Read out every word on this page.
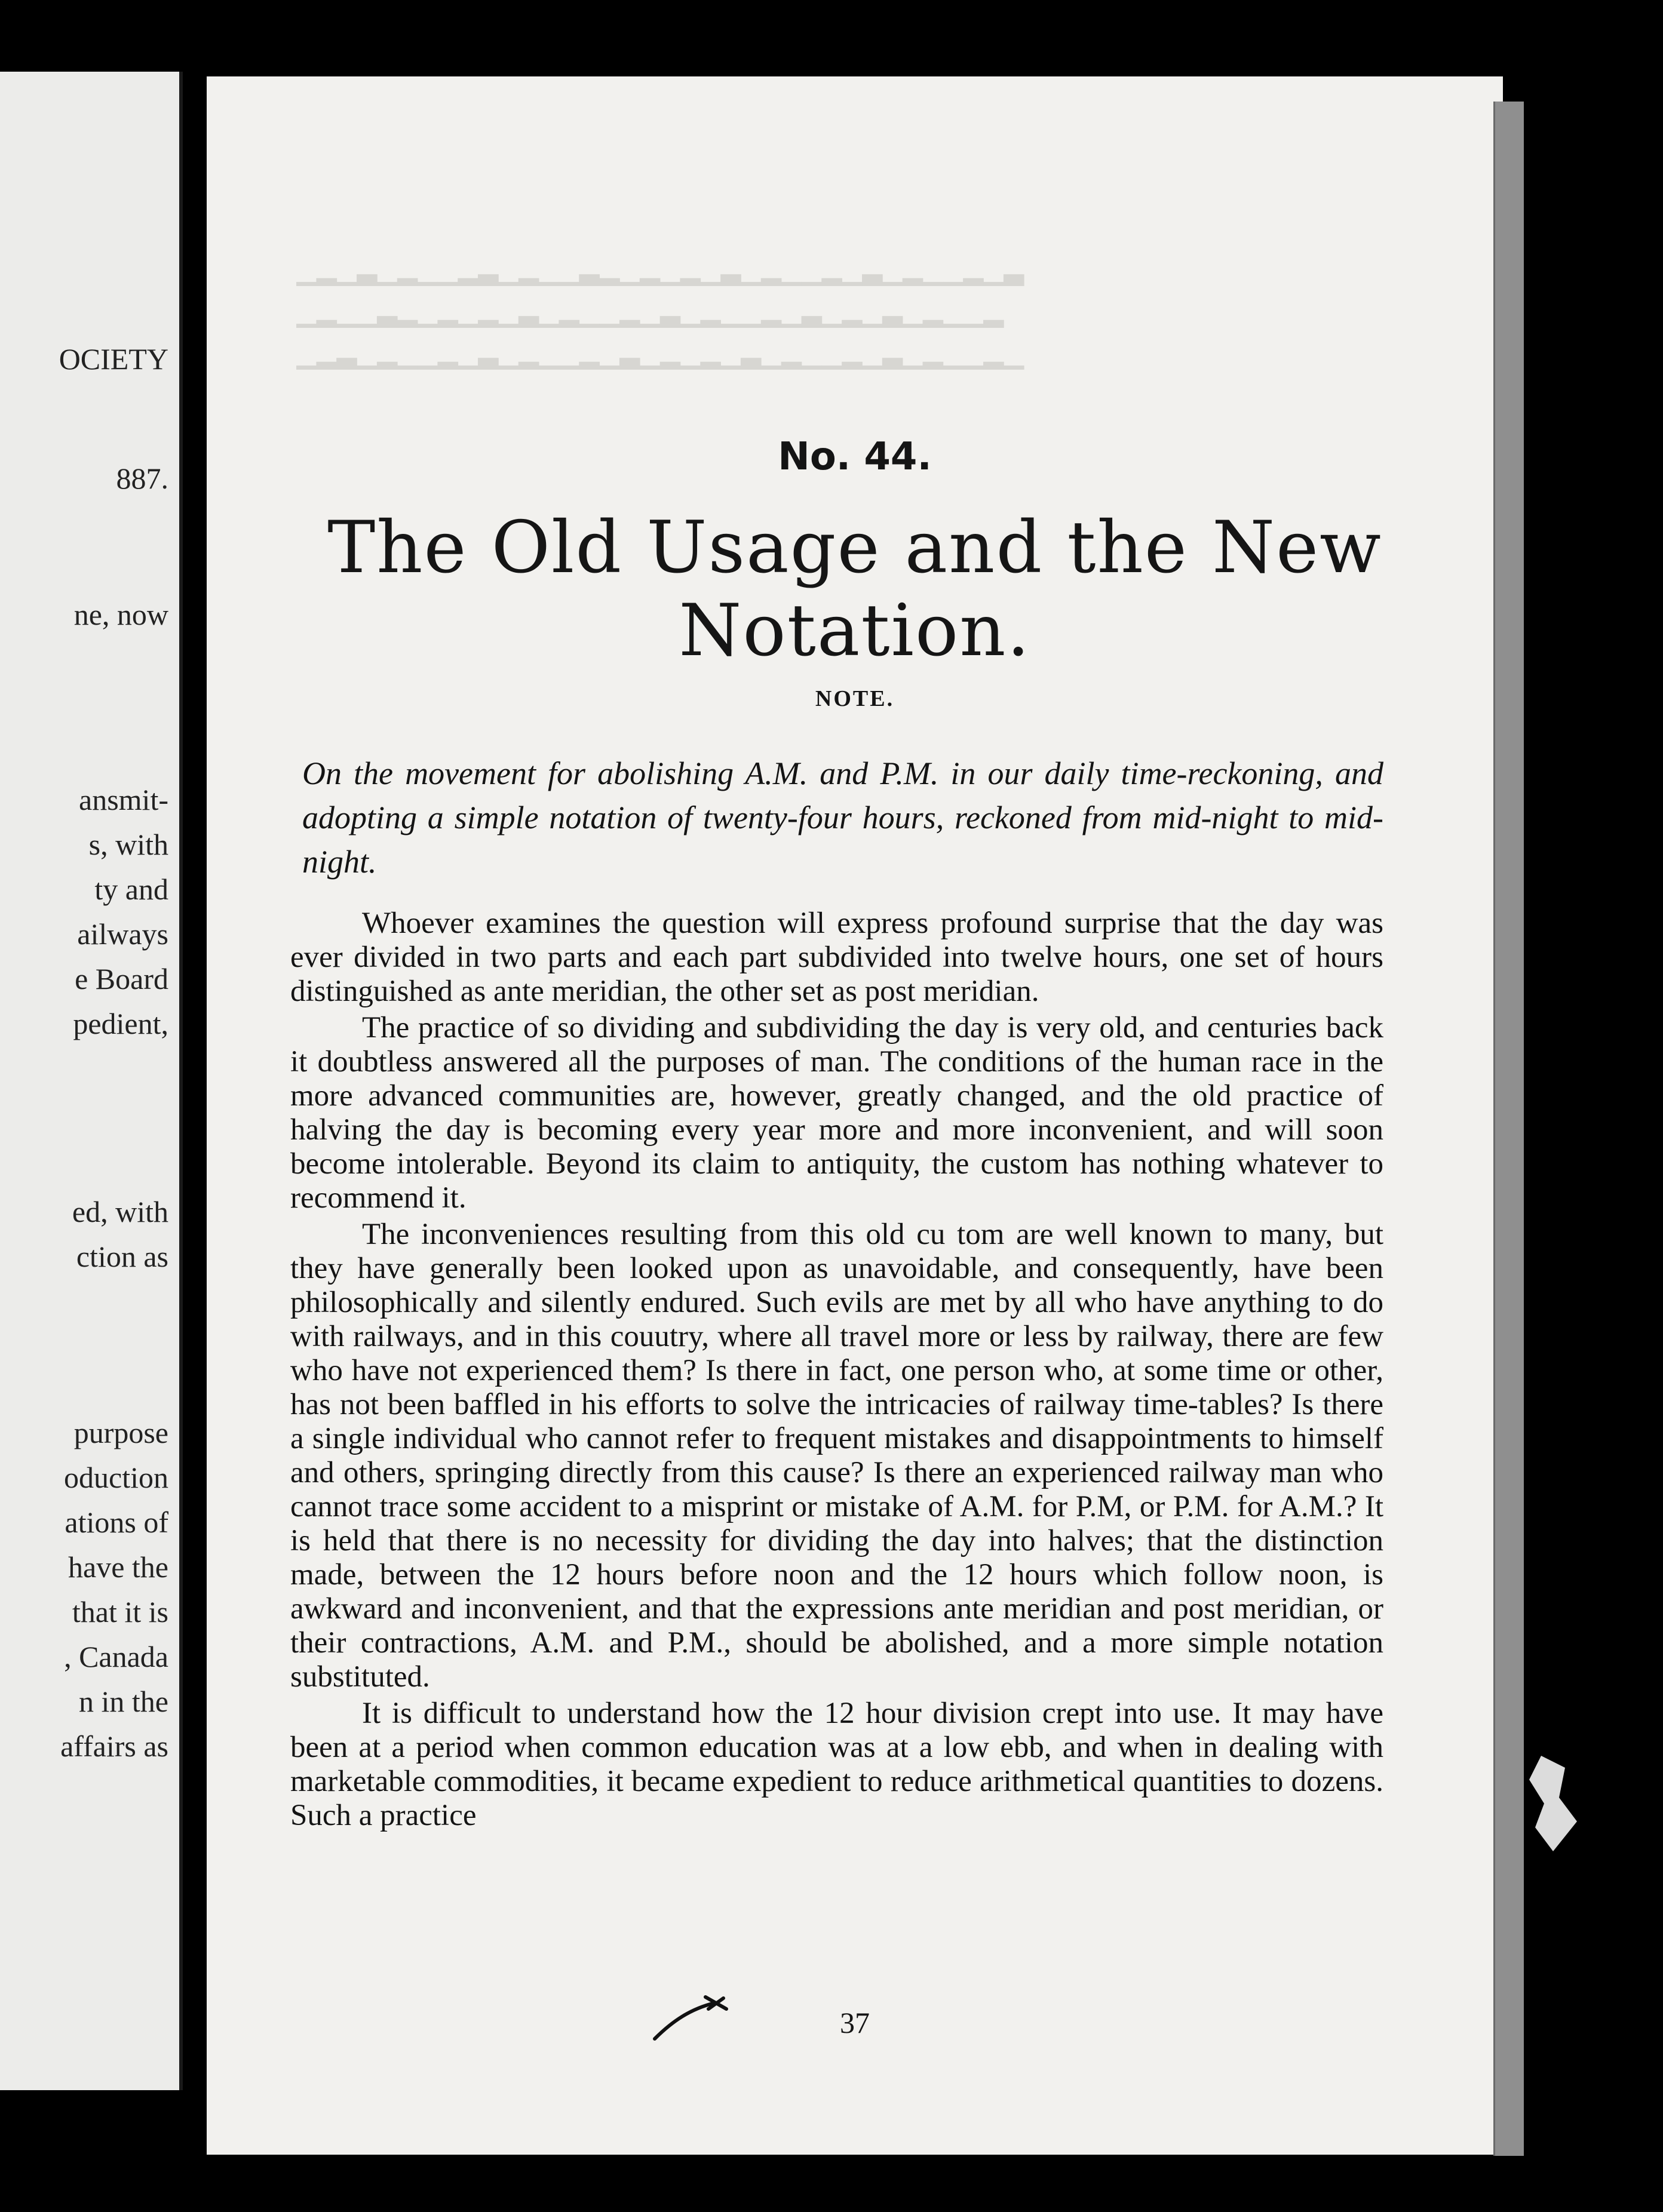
OCIETY
887.
ne, now
ansmit-
s, with
ty and
ailways
e Board
pedient,
ed, with
ction as
purpose
oduction
ations of
have the
that it is
, Canada
n in the
affairs as
▁▂▁▃▁▂▁▁▂▃▁▂▁▁▃▂▁▂▁▂▁▃▁▂▁▁▂▁▃▁▂▁▁▂▁▃
▁▂▁▁▃▂▁▂▁▂▁▃▁▂▁▁▂▁▃▁▂▁▁▂▁▃▁▂▁▃▁▂▁▁▂
▁▂▃▁▂▁▁▂▁▃▁▂▁▁▂▁▃▁▂▁▂▁▃▁▂▁▁▂▁▃▁▂▁▁▂▁
No. 44.
The Old Usage and the New Notation.
NOTE.
On the movement for abolishing A.M. and P.M. in our daily time-reckoning, and adopting a simple notation of twenty-four hours, reckoned from mid-night to mid-night.

Whoever examines the question will express profound surprise that the day was ever divided in two parts and each part subdivided into twelve hours, one set of hours distinguished as ante meridian, the other set as post meridian.

The practice of so dividing and subdividing the day is very old, and centuries back it doubtless answered all the purposes of man. The conditions of the human race in the more advanced communities are, however, greatly changed, and the old practice of halving the day is becoming every year more and more inconvenient, and will soon become intolerable. Beyond its claim to antiquity, the custom has nothing whatever to recommend it.

The inconveniences resulting from this old cu tom are well known to many, but they have generally been looked upon as unavoidable, and consequently, have been philosophically and silently endured. Such evils are met by all who have anything to do with railways, and in this couutry, where all travel more or less by railway, there are few who have not experienced them? Is there in fact, one person who, at some time or other, has not been baffled in his efforts to solve the intricacies of railway time-tables? Is there a single individual who cannot refer to frequent mistakes and disappointments to himself and others, springing directly from this cause? Is there an experienced railway man who cannot trace some accident to a misprint or mistake of A.M. for P.M, or P.M. for A.M.? It is held that there is no necessity for dividing the day into halves; that the distinction made, between the 12 hours before noon and the 12 hours which follow noon, is awkward and inconvenient, and that the expressions ante meridian and post meridian, or their contractions, A.M. and P.M., should be abolished, and a more simple notation substituted.

It is difficult to understand how the 12 hour division crept into use. It may have been at a period when common education was at a low ebb, and when in dealing with marketable commodities, it became expedient to reduce arithmetical quantities to dozens. Such a practice

37
